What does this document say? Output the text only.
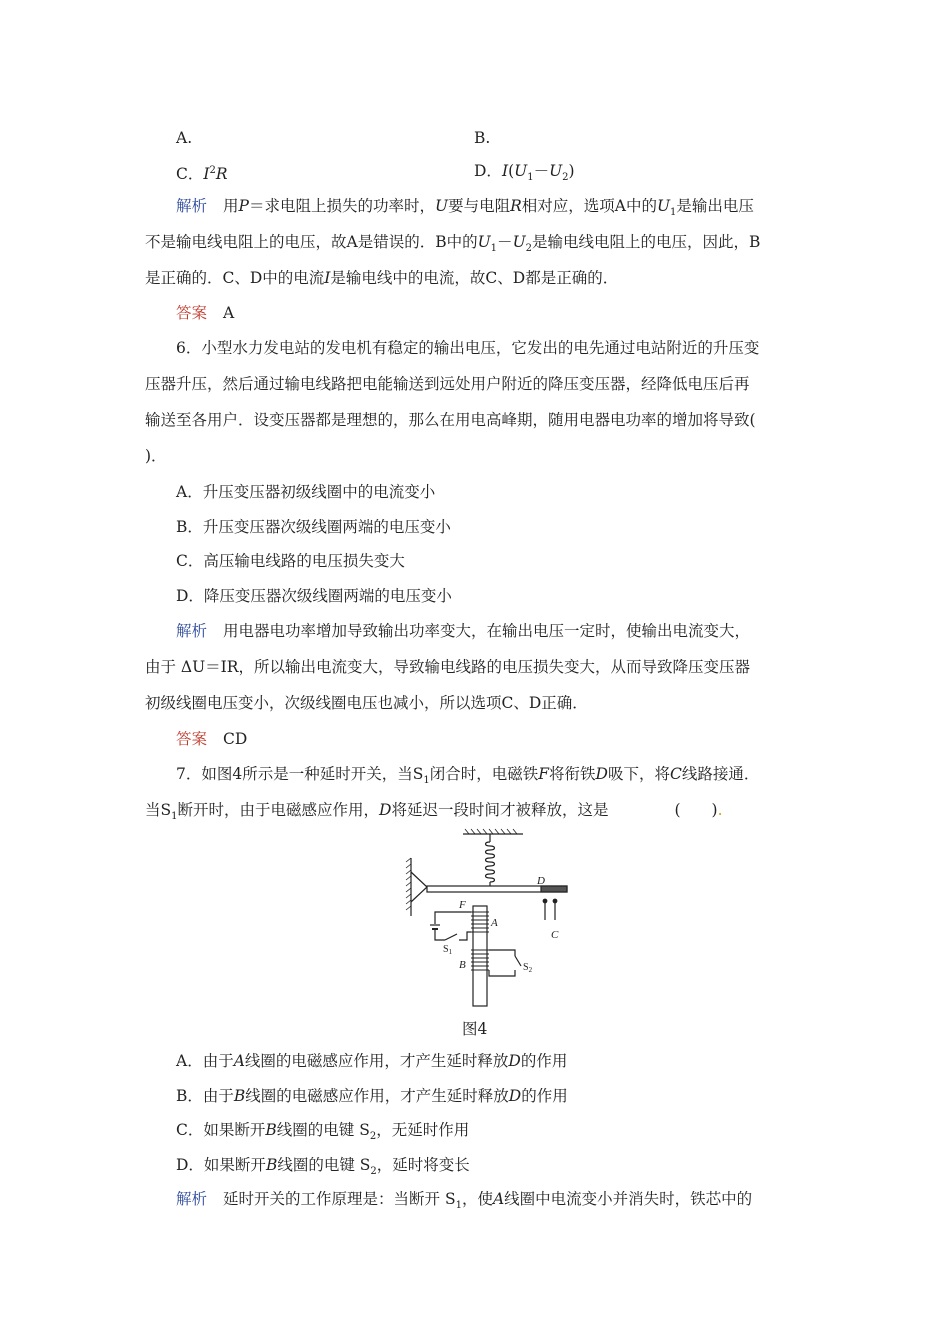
A.	B.
C．$I^2R$	D．$I(U_1-U_2)$
解析 用P＝求电阻上损失的功率时，U要与电阻R相对应，选项A中的$U_1$是输出电压
不是输电线电阻上的电压，故A是错误的．B中的$U_1-U_2$是输电线电阻上的电压，因此，B
是正确的．C、D中的电流I是输电线中的电流，故C、D都是正确的．
答案 A
6．小型水力发电站的发电机有稳定的输出电压，它发出的电先通过电站附近的升压变
压器升压，然后通过输电线路把电能输送到远处用户附近的降压变压器，经降低电压后再
输送至各用户．设变压器都是理想的，那么在用电高峰期，随用电器电功率的增加将导致(
)．
A．升压变压器初级线圈中的电流变小
B．升压变压器次级线圈两端的电压变小
C．高压输电线路的电压损失变大
D．降压变压器次级线圈两端的电压变小
解析 用电器电功率增加导致输出功率变大，在输出电压一定时，使输出电流变大，
由于 ΔU＝IR，所以输出电流变大，导致输电线路的电压损失变大，从而导致降压变压器
初级线圈电压变小，次级线圈电压也减小，所以选项C、D正确．
答案 CD
7．如图4所示是一种延时开关，当$S_1$闭合时，电磁铁F将衔铁D吸下，将C线路接通．
当$S_1$断开时，由于电磁感应作用，D将延迟一段时间才被释放，这是	(　　).
D
F
A
B
C
$S_1$
$S_2$
图4
A．由于A线圈的电磁感应作用，才产生延时释放D的作用
B．由于B线圈的电磁感应作用，才产生延时释放D的作用
C．如果断开B线圈的电键 $S_2$，无延时作用
D．如果断开B线圈的电键 $S_2$，延时将变长
解析 延时开关的工作原理是：当断开 $S_1$，使A线圈中电流变小并消失时，铁芯中的
